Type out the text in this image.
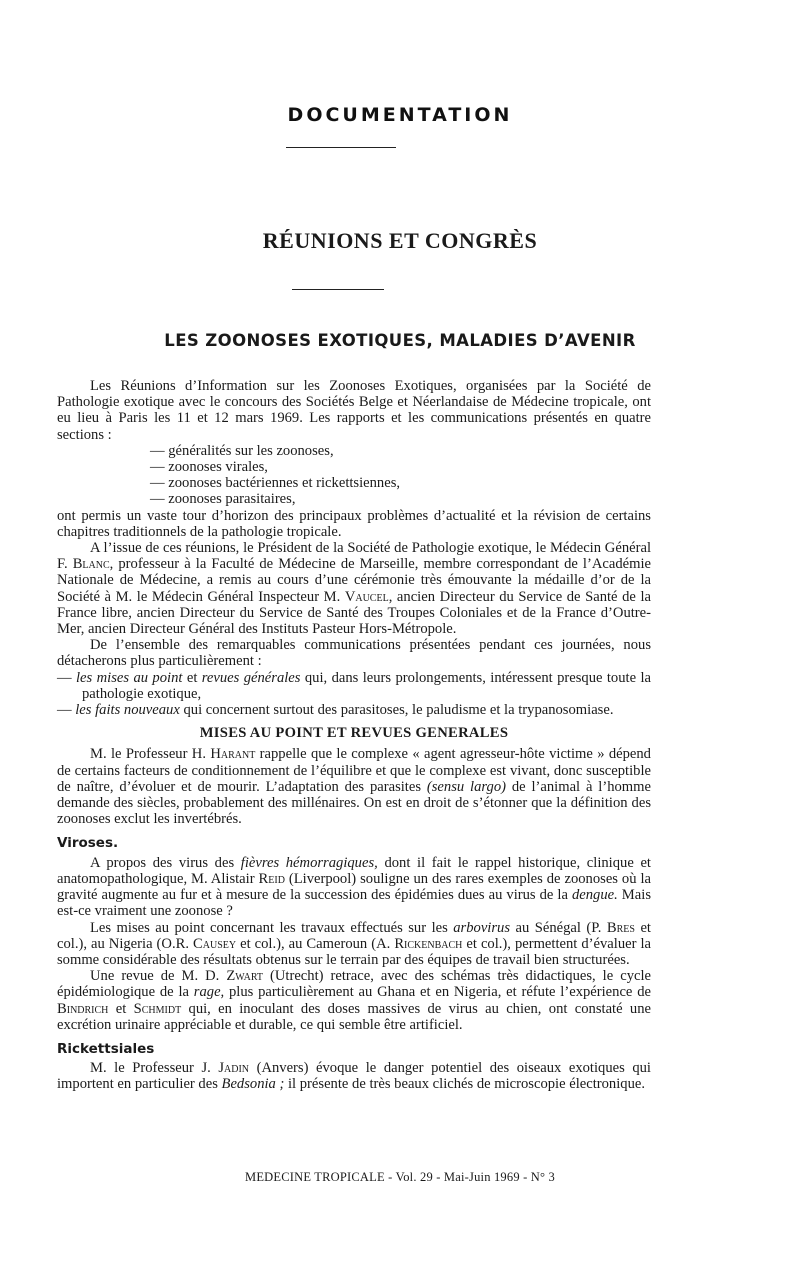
DOCUMENTATION
RÉUNIONS ET CONGRÈS
LES ZOONOSES EXOTIQUES, MALADIES D’AVENIR

Les Réunions d’Information sur les Zoonoses Exotiques, organisées par la Société de Pathologie exotique avec le concours des Sociétés Belge et Néerlandaise de Médecine tropicale, ont eu lieu à Paris les 11 et 12 mars 1969. Les rapports et les communications présentés en quatre sections :

— généralités sur les zoonoses,
— zoonoses virales,
— zoonoses bactériennes et rickettsiennes,
— zoonoses parasitaires,

ont permis un vaste tour d’horizon des principaux problèmes d’actualité et la révision de certains chapitres traditionnels de la pathologie tropicale.

A l’issue de ces réunions, le Président de la Société de Pathologie exotique, le Médecin Général F. Blanc, professeur à la Faculté de Médecine de Marseille, membre correspondant de l’Académie Nationale de Médecine, a remis au cours d’une cérémonie très émouvante la médaille d’or de la Société à M. le Médecin Général Inspecteur M. Vaucel, ancien Directeur du Service de Santé de la France libre, ancien Directeur du Service de Santé des Troupes Coloniales et de la France d’Outre-Mer, ancien Directeur Général des Instituts Pasteur Hors-Métropole.

De l’ensemble des remarquables communications présentées pendant ces journées, nous détacherons plus particulièrement :

— les mises au point et revues générales qui, dans leurs prolongements, intéressent presque toute la pathologie exotique,
— les faits nouveaux qui concernent surtout des parasitoses, le paludisme et la trypanosomiase.
MISES AU POINT ET REVUES GENERALES

M. le Professeur H. Harant rappelle que le complexe « agent agresseur-hôte victime » dépend de certains facteurs de conditionnement de l’équilibre et que le complexe est vivant, donc susceptible de naître, d’évoluer et de mourir. L’adaptation des parasites (sensu largo) de l’animal à l’homme demande des siècles, probablement des millénaires. On est en droit de s’étonner que la définition des zoonoses exclut les invertébrés.

Viroses.

A propos des virus des fièvres hémorragiques, dont il fait le rappel historique, clinique et anatomopathologique, M. Alistair Reid (Liverpool) souligne un des rares exemples de zoonoses où la gravité augmente au fur et à mesure de la succession des épidémies dues au virus de la dengue. Mais est-ce vraiment une zoonose ?

Les mises au point concernant les travaux effectués sur les arbovirus au Sénégal (P. Bres et col.), au Nigeria (O.R. Causey et col.), au Cameroun (A. Rickenbach et col.), permettent d’évaluer la somme considérable des résultats obtenus sur le terrain par des équipes de travail bien structurées.

Une revue de M. D. Zwart (Utrecht) retrace, avec des schémas très didactiques, le cycle épidémiologique de la rage, plus particulièrement au Ghana et en Nigeria, et réfute l’expérience de Bindrich et Schmidt qui, en inoculant des doses massives de virus au chien, ont constaté une excrétion urinaire appréciable et durable, ce qui semble être artificiel.

Rickettsiales

M. le Professeur J. Jadin (Anvers) évoque le danger potentiel des oiseaux exotiques qui importent en particulier des Bedsonia ; il présente de très beaux clichés de microscopie électronique.

MEDECINE TROPICALE - Vol. 29 - Mai-Juin 1969 - N° 3
